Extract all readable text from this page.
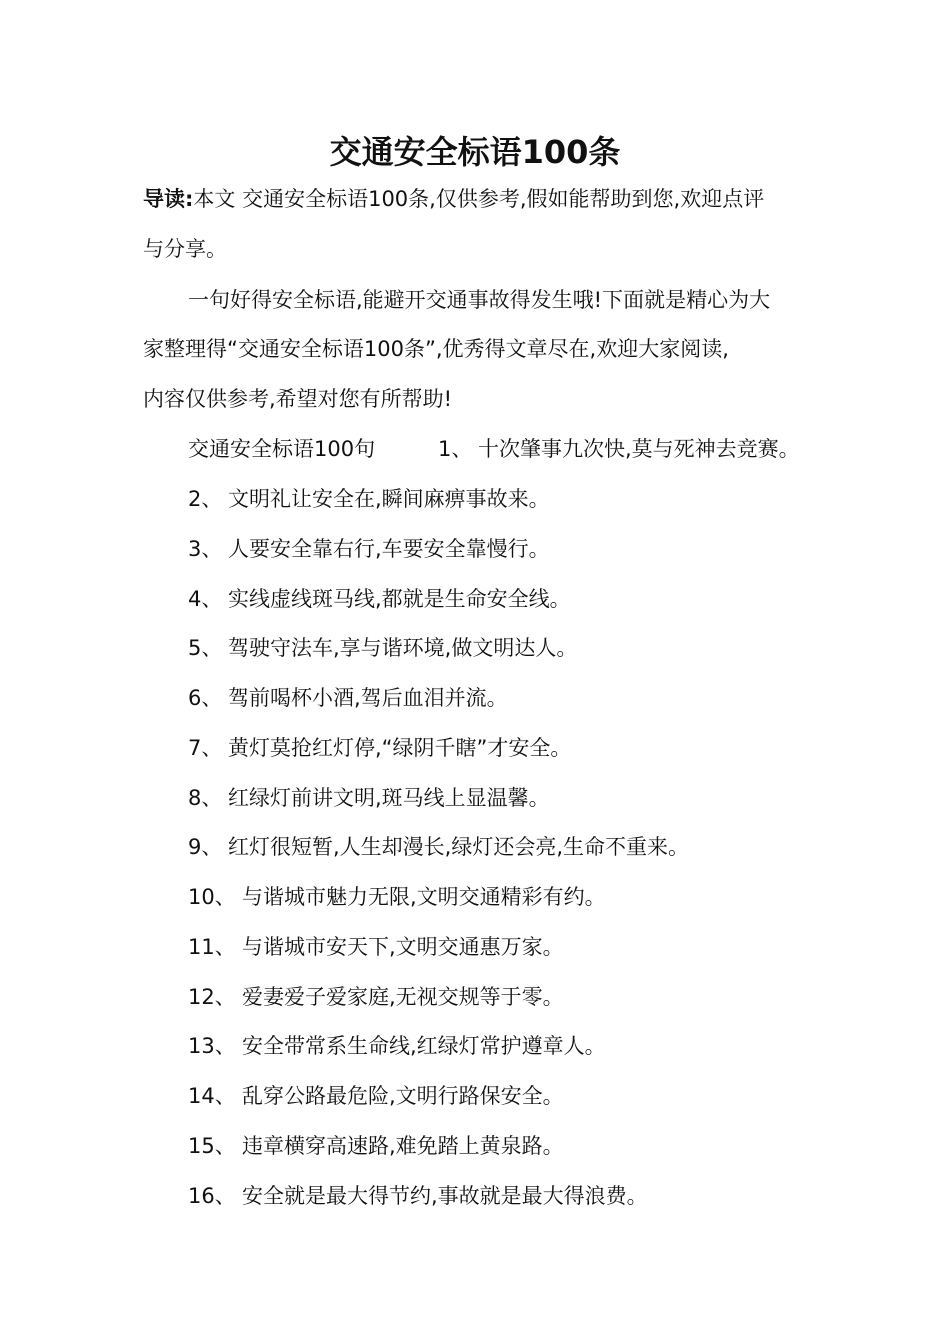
交通安全标语100条
导读:本文 交通安全标语100条,仅供参考,假如能帮助到您,欢迎点评
与分享。
一句好得安全标语,能避开交通事故得发生哦!下面就是精心为大
家整理得“交通安全标语100条”,优秀得文章尽在,欢迎大家阅读,
内容仅供参考,希望对您有所帮助!
交通安全标语100句	1、 十次肇事九次快,莫与死神去竞赛。
2、 文明礼让安全在,瞬间麻痹事故来。
3、 人要安全靠右行,车要安全靠慢行。
4、 实线虚线斑马线,都就是生命安全线。
5、 驾驶守法车,享与谐环境,做文明达人。
6、 驾前喝杯小酒,驾后血泪并流。
7、 黄灯莫抢红灯停,“绿阴千瞎”才安全。
8、 红绿灯前讲文明,斑马线上显温馨。
9、 红灯很短暂,人生却漫长,绿灯还会亮,生命不重来。
10、 与谐城市魅力无限,文明交通精彩有约。
11、 与谐城市安天下,文明交通惠万家。
12、 爱妻爱子爱家庭,无视交规等于零。
13、 安全带常系生命线,红绿灯常护遵章人。
14、 乱穿公路最危险,文明行路保安全。
15、 违章横穿高速路,难免踏上黄泉路。
16、 安全就是最大得节约,事故就是最大得浪费。
